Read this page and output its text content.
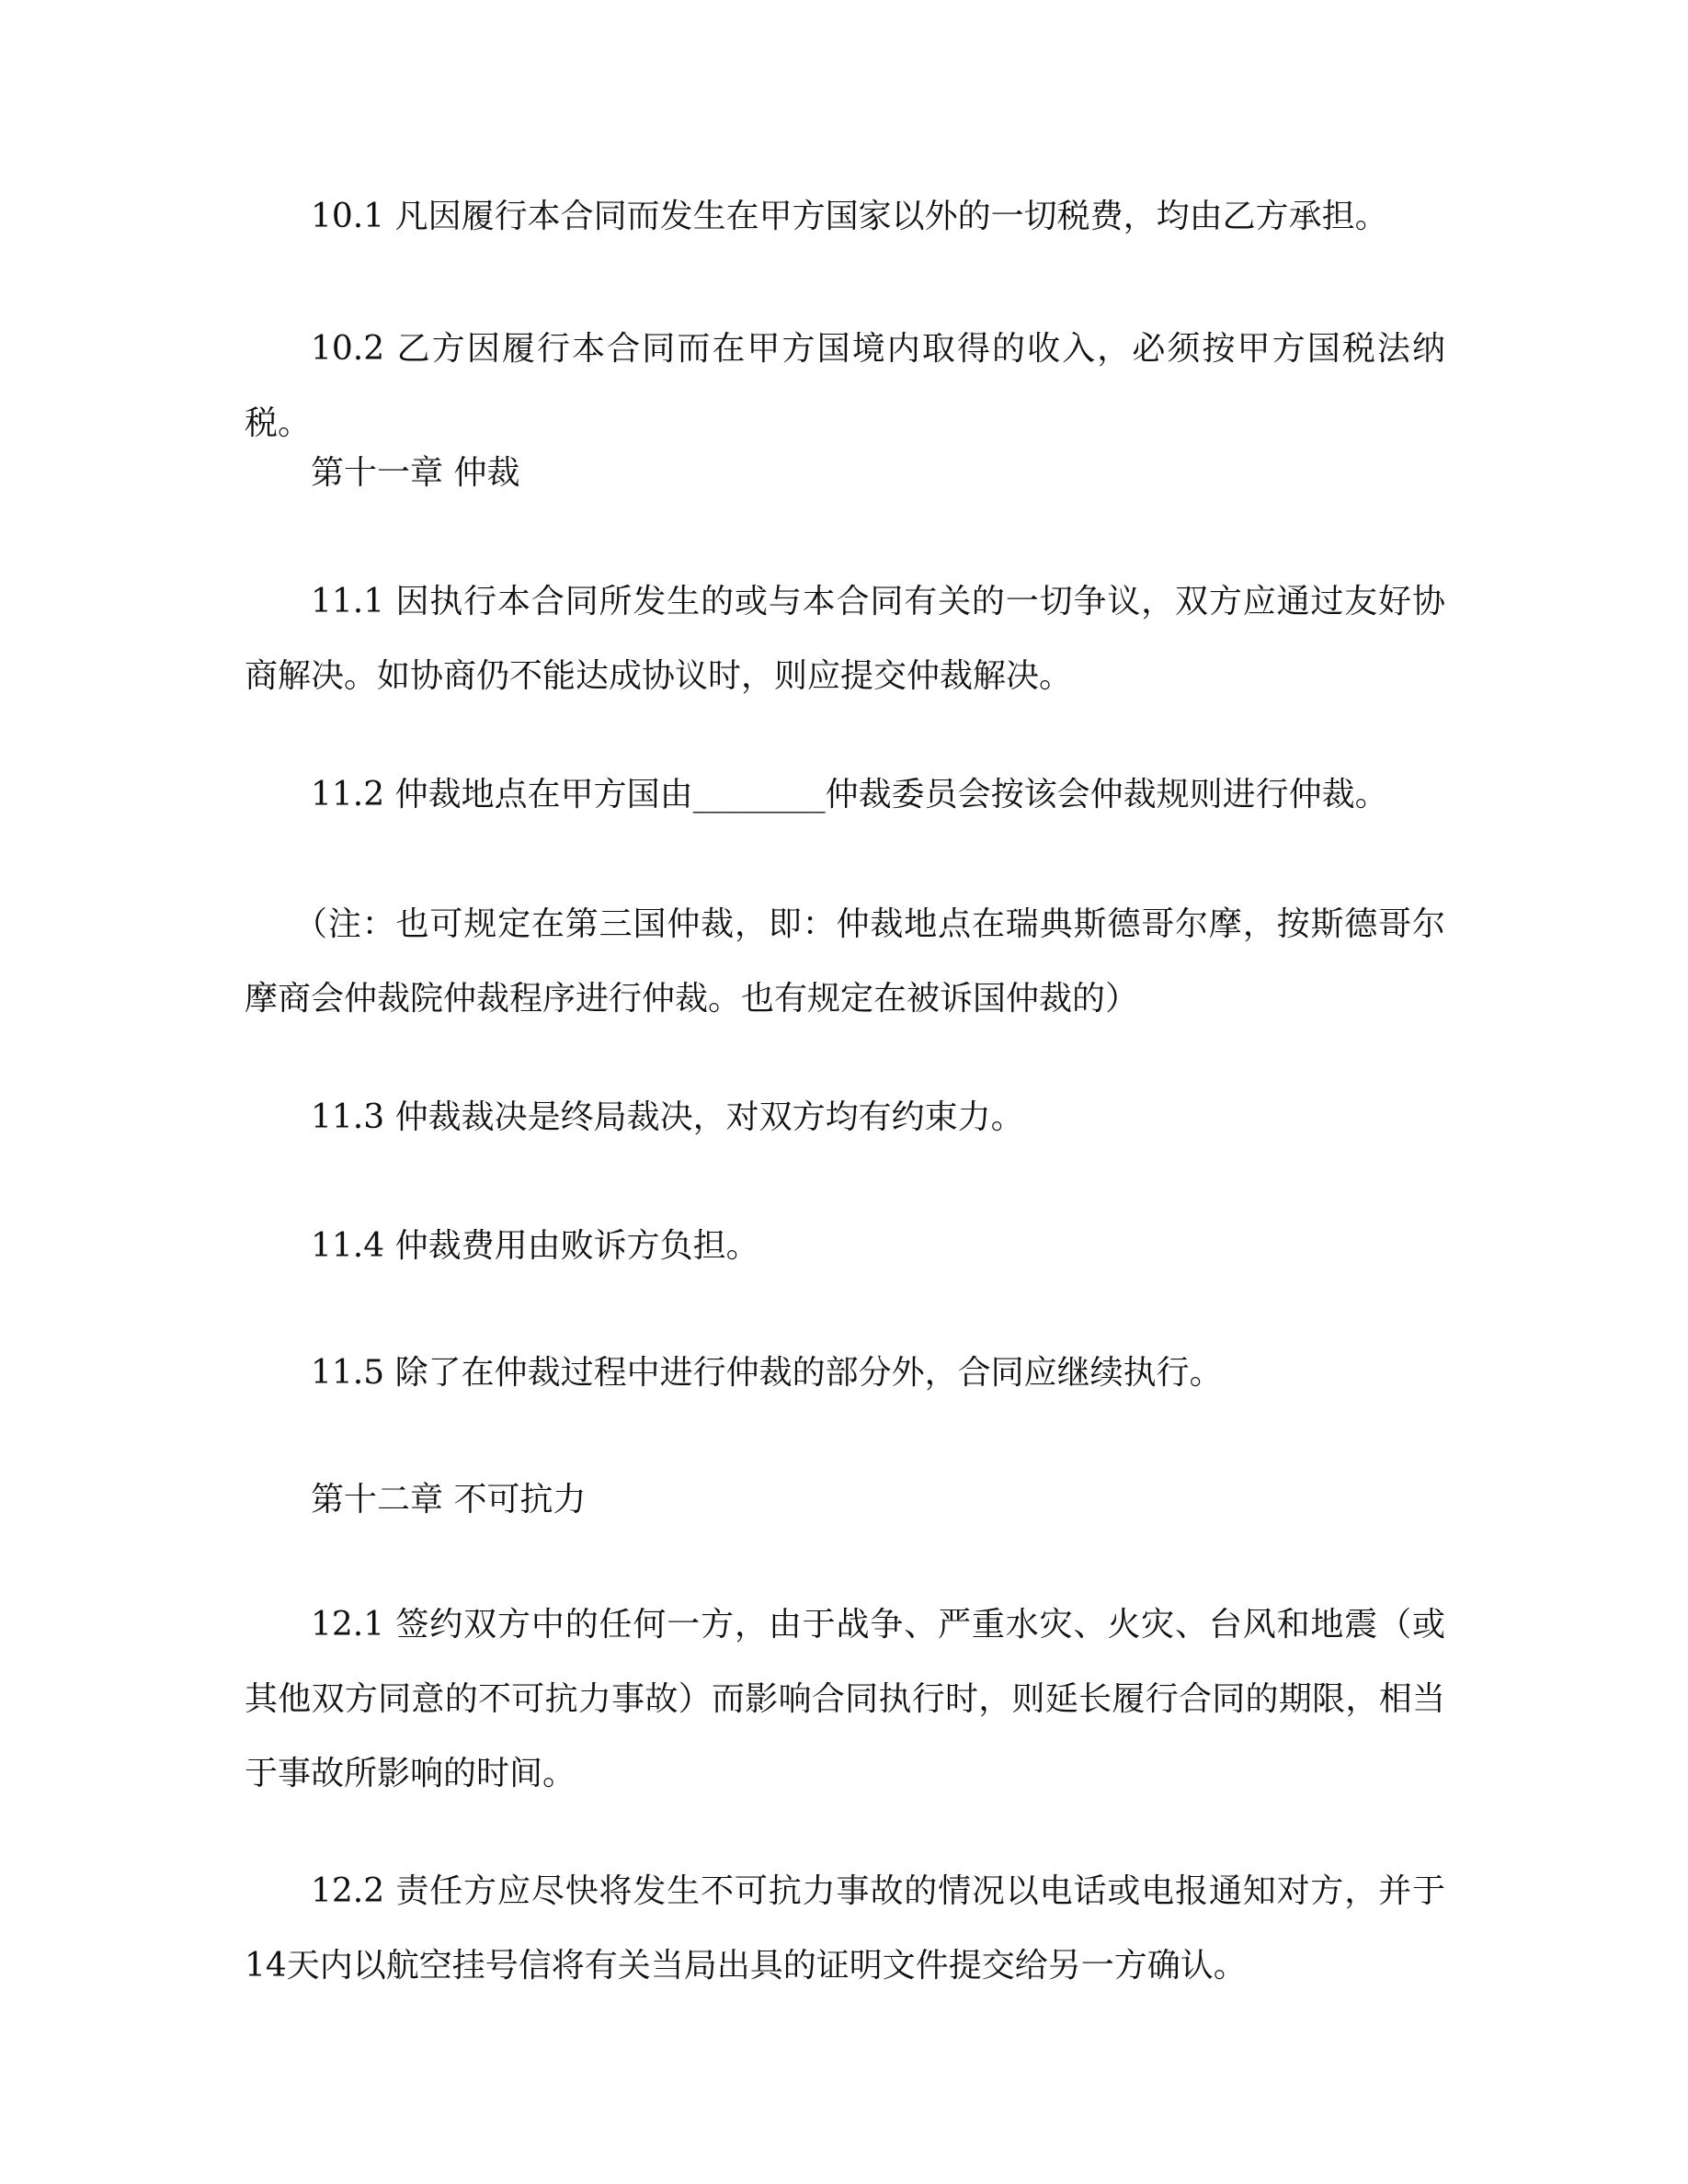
10.1 凡因履行本合同而发生在甲方国家以外的一切税费，均由乙方承担。

10.2 乙方因履行本合同而在甲方国境内取得的收入，必须按甲方国税法纳税。

第十一章 仲裁

11.1 因执行本合同所发生的或与本合同有关的一切争议，双方应通过友好协商解决。如协商仍不能达成协议时，则应提交仲裁解决。

11.2 仲裁地点在甲方国由________仲裁委员会按该会仲裁规则进行仲裁。

（注：也可规定在第三国仲裁，即：仲裁地点在瑞典斯德哥尔摩，按斯德哥尔摩商会仲裁院仲裁程序进行仲裁。也有规定在被诉国仲裁的）

11.3 仲裁裁决是终局裁决，对双方均有约束力。

11.4 仲裁费用由败诉方负担。

11.5 除了在仲裁过程中进行仲裁的部分外，合同应继续执行。

第十二章 不可抗力

12.1 签约双方中的任何一方，由于战争、严重水灾、火灾、台风和地震（或其他双方同意的不可抗力事故）而影响合同执行时，则延长履行合同的期限，相当于事故所影响的时间。

12.2 责任方应尽快将发生不可抗力事故的情况以电话或电报通知对方，并于14天内以航空挂号信将有关当局出具的证明文件提交给另一方确认。
